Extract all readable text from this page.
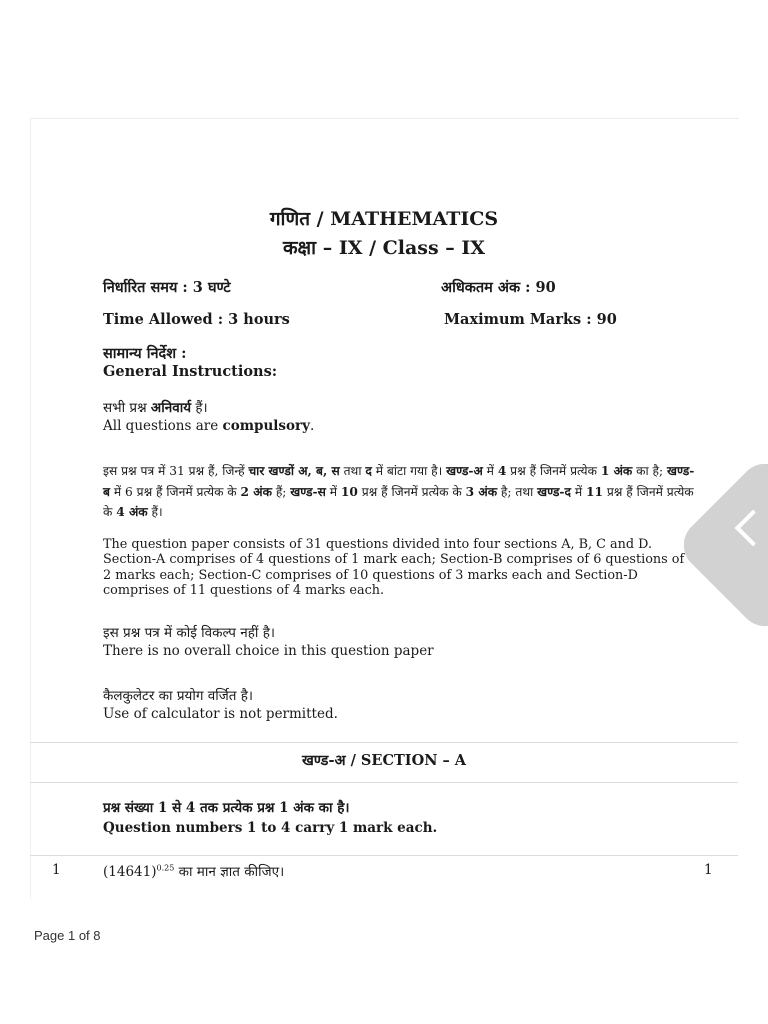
गणित / MATHEMATICS
कक्षा – IX / Class – IX
निर्धारित समय : 3 घण्टे	अधिकतम अंक : 90
Time Allowed : 3 hours	Maximum Marks : 90
सामान्य निर्देश :
General Instructions:
सभी प्रश्न अनिवार्य हैं।
All questions are compulsory.
इस प्रश्न पत्र में 31 प्रश्न हैं, जिन्हें चार खण्डों अ, ब, स तथा द में बांटा गया है। खण्ड-अ में 4 प्रश्न हैं जिनमें प्रत्येक 1 अंक का है; खण्ड-ब में 6 प्रश्न हैं जिनमें प्रत्येक के 2 अंक हैं; खण्ड-स में 10 प्रश्न हैं जिनमें प्रत्येक के 3 अंक है; तथा खण्ड-द में 11 प्रश्न हैं जिनमें प्रत्येक के 4 अंक हैं।
The question paper consists of 31 questions divided into four sections A, B, C and D. Section-A comprises of 4 questions of 1 mark each; Section-B comprises of 6 questions of 2 marks each; Section-C comprises of 10 questions of 3 marks each and Section-D comprises of 11 questions of 4 marks each.
इस प्रश्न पत्र में कोई विकल्प नहीं है।
There is no overall choice in this question paper
कैलकुलेटर का प्रयोग वर्जित है।
Use of calculator is not permitted.
खण्ड-अ / SECTION – A
प्रश्न संख्या 1 से 4 तक प्रत्येक प्रश्न 1 अंक का है।
Question numbers 1 to 4 carry 1 mark each.
1	$(14641)^{0.25}$ का मान ज्ञात कीजिए।	1
Page 1 of 8
